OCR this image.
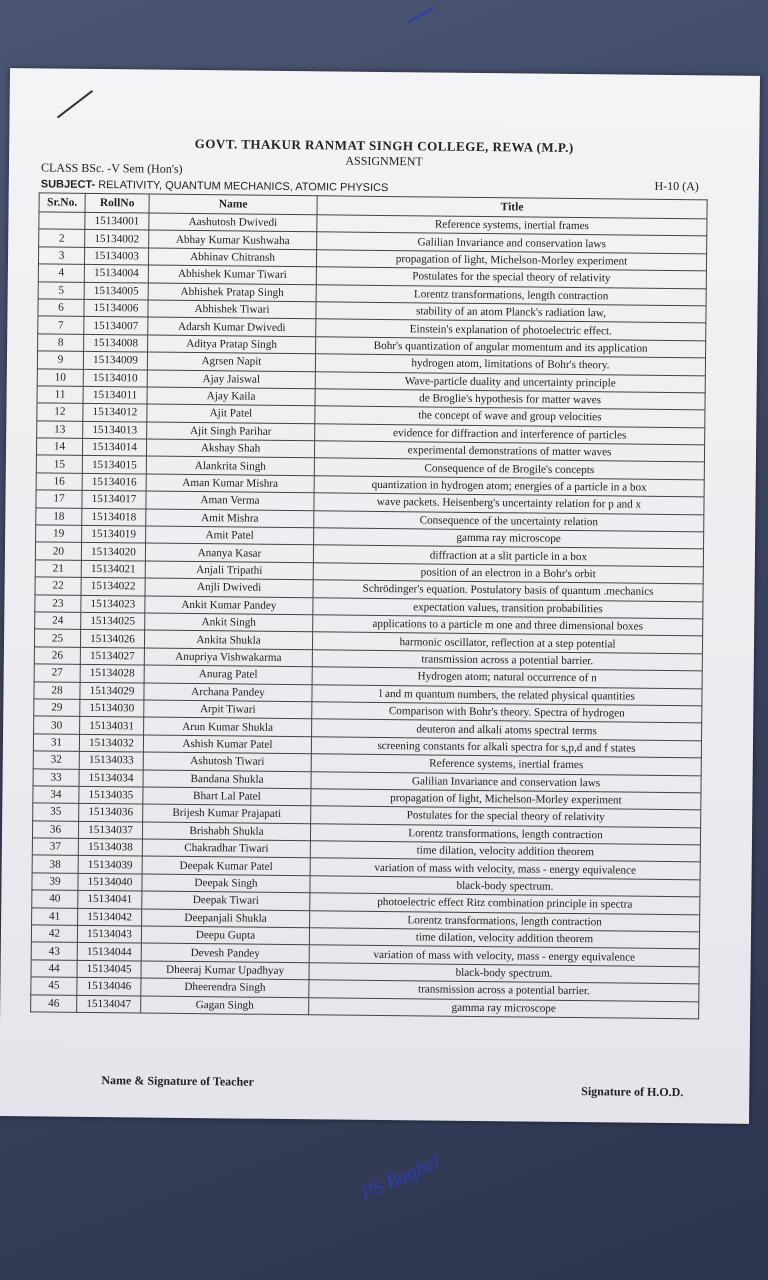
GOVT. THAKUR RANMAT SINGH COLLEGE, REWA (M.P.)
ASSIGNMENT
CLASS BSc. -V Sem (Hon's)
SUBJECT- RELATIVITY, QUANTUM MECHANICS, ATOMIC PHYSICS	H-10 (A)
Sr.No.	RollNo	Name	Title
	15134001	Aashutosh Dwivedi	Reference systems, inertial frames
2	15134002	Abhay Kumar Kushwaha	Galilian Invariance and conservation laws
3	15134003	Abhinav Chitransh	propagation of light, Michelson-Morley experiment
4	15134004	Abhishek Kumar Tiwari	Postulates for the special theory of relativity
5	15134005	Abhishek Pratap Singh	Lorentz transformations, length contraction
6	15134006	Abhishek Tiwari	stability of an atom Planck's radiation law,
7	15134007	Adarsh Kumar Dwivedi	Einstein's explanation of photoelectric effect.
8	15134008	Aditya Pratap Singh	Bohr's quantization of angular momentum and its application
9	15134009	Agrsen Napit	hydrogen atom, limitations of Bohr's theory.
10	15134010	Ajay Jaiswal	Wave-particle duality and uncertainty principle
11	15134011	Ajay Kaila	de Broglie's hypothesis for matter waves
12	15134012	Ajit Patel	the concept of wave and group velocities
13	15134013	Ajit Singh Parihar	evidence for diffraction and interference of particles
14	15134014	Akshay Shah	experimental demonstrations of matter waves
15	15134015	Alankrita Singh	Consequence of de Brogile's concepts
16	15134016	Aman Kumar Mishra	quantization in hydrogen atom; energies of a particle in a box
17	15134017	Aman Verma	wave packets. Heisenberg's uncertainty relation for p and x
18	15134018	Amit Mishra	Consequence of the uncertainty relation
19	15134019	Amit Patel	gamma ray microscope
20	15134020	Ananya Kasar	diffraction at a slit particle in a box
21	15134021	Anjali Tripathi	position of an electron in a Bohr's orbit
22	15134022	Anjli Dwivedi	Schrödinger's equation. Postulatory basis of quantum .mechanics
23	15134023	Ankit Kumar Pandey	expectation values, transition probabilities
24	15134025	Ankit Singh	applications to a particle m one and three dimensional boxes
25	15134026	Ankita Shukla	harmonic oscillator, reflection at a step potential
26	15134027	Anupriya Vishwakarma	transmission across a potential barrier.
27	15134028	Anurag Patel	Hydrogen atom; natural occurrence of n
28	15134029	Archana Pandey	l and m quantum numbers, the related physical quantities
29	15134030	Arpit Tiwari	Comparison with Bohr's theory. Spectra of hydrogen
30	15134031	Arun Kumar Shukla	deuteron and alkali atoms spectral terms
31	15134032	Ashish Kumar Patel	screening constants for alkali spectra for s,p,d and f states
32	15134033	Ashutosh Tiwari	Reference systems, inertial frames
33	15134034	Bandana Shukla	Galilian Invariance and conservation laws
34	15134035	Bhart Lal Patel	propagation of light, Michelson-Morley experiment
35	15134036	Brijesh Kumar Prajapati	Postulates for the special theory of relativity
36	15134037	Brishabh Shukla	Lorentz transformations, length contraction
37	15134038	Chakradhar Tiwari	time dilation, velocity addition theorem
38	15134039	Deepak Kumar Patel	variation of mass with velocity, mass - energy equivalence
39	15134040	Deepak Singh	black-body spectrum.
40	15134041	Deepak Tiwari	photoelectric effect Ritz combination principle in spectra
41	15134042	Deepanjali Shukla	Lorentz transformations, length contraction
42	15134043	Deepu Gupta	time dilation, velocity addition theorem
43	15134044	Devesh Pandey	variation of mass with velocity, mass - energy equivalence
44	15134045	Dheeraj Kumar Upadhyay	black-body spectrum.
45	15134046	Dheerendra Singh	transmission across a potential barrier.
46	15134047	Gagan Singh	gamma ray microscope
Name & Signature of Teacher
Signature of H.O.D.
PS Baghel
